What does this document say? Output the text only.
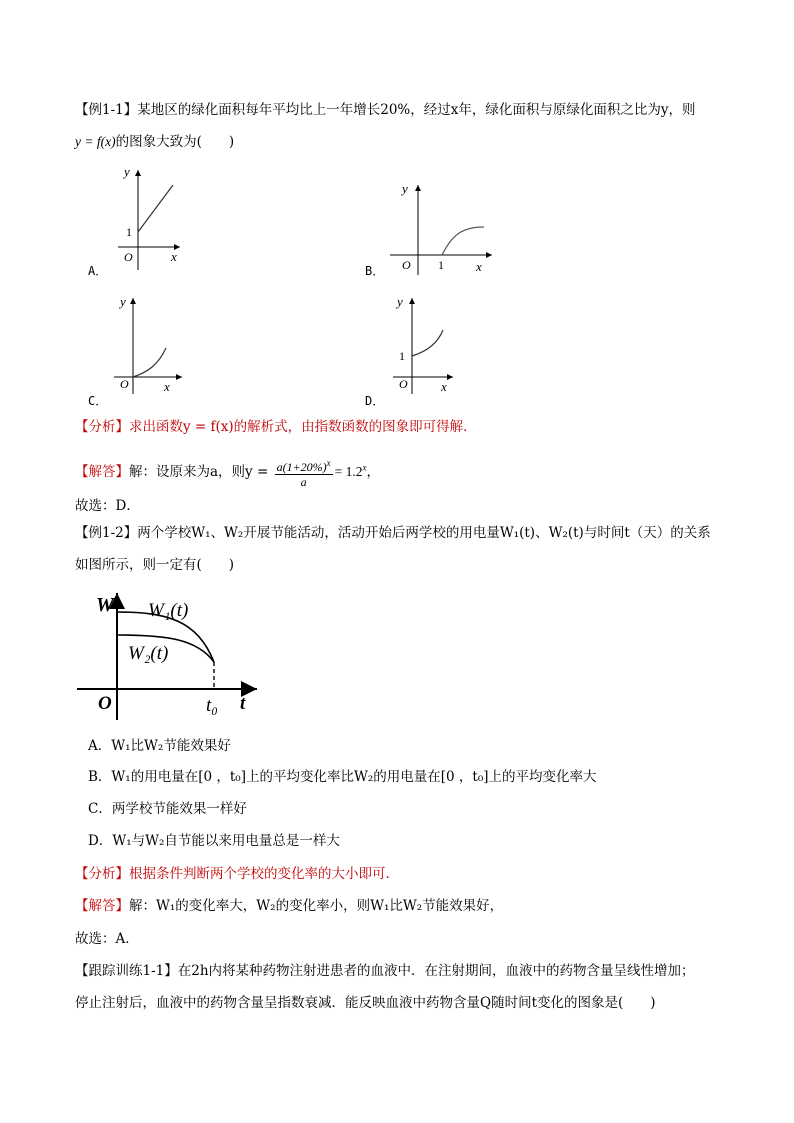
【例1-1】某地区的绿化面积每年平均比上一年增长20%，经过x年，绿化面积与原绿化面积之比为y，则
y = f(x)的图象大致为(　　)
y
1
O	x
A．
y
O 1 x
B．
y
O	x
C．
y
1
O	x
D．
【分析】求出函数y = f(x)的解析式，由指数函数的图象即可得解．
【解答】解：设原来为a，则$y = \frac{a(1+20\%)^x}{a} = 1.2^x$，
故选：D．
【例1-2】两个学校W₁、W₂开展节能活动，活动开始后两学校的用电量W₁(t)、W₂(t)与时间t（天）的关系
如图所示，则一定有(　　)
W W₁(t)
W₂(t)
O	t₀ t
A．W₁比W₂节能效果好
B．W₁的用电量在[0 ，t₀]上的平均变化率比W₂的用电量在[0 ，t₀]上的平均变化率大
C．两学校节能效果一样好
D．W₁与W₂自节能以来用电量总是一样大
【分析】根据条件判断两个学校的变化率的大小即可．
【解答】解：W₁的变化率大，W₂的变化率小，则W₁比W₂节能效果好，
故选：A．
【跟踪训练1-1】在2h内将某种药物注射进患者的血液中．在注射期间，血液中的药物含量呈线性增加；
停止注射后，血液中的药物含量呈指数衰减．能反映血液中药物含量Q随时间t变化的图象是(　　)
